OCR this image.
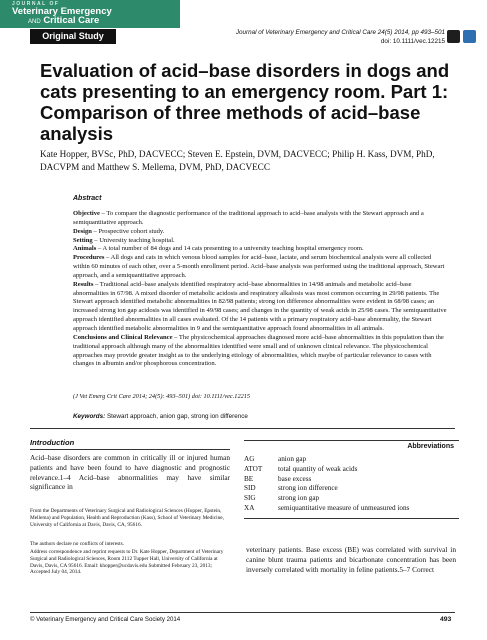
JOURNAL OF
Veterinary Emergency
AND Critical Care
Original Study	Journal of Veterinary Emergency and Critical Care 24(5) 2014, pp 493–501
doi: 10.1111/vec.12215
Evaluation of acid–base disorders in dogs and cats presenting to an emergency room. Part 1: Comparison of three methods of acid–base analysis
Kate Hopper, BVSc, PhD, DACVECC; Steven E. Epstein, DVM, DACVECC; Philip H. Kass, DVM, PhD, DACVPM and Matthew S. Mellema, DVM, PhD, DACVECC
Abstract

Objective – To compare the diagnostic performance of the traditional approach to acid–base analysis with the Stewart approach and a semiquantitative approach.

Design – Prospective cohort study.

Setting – University teaching hospital.

Animals – A total number of 84 dogs and 14 cats presenting to a university teaching hospital emergency room.

Procedures – All dogs and cats in which venous blood samples for acid–base, lactate, and serum biochemical analysis were all collected within 60 minutes of each other, over a 5-month enrollment period. Acid–base analysis was performed using the traditional approach, Stewart approach, and a semiquantitative approach.

Results – Traditional acid–base analysis identified respiratory acid–base abnormalities in 14/98 animals and metabolic acid–base abnormalities in 67/98. A mixed disorder of metabolic acidosis and respiratory alkalosis was most common occurring in 29/98 patients. The Stewart approach identified metabolic abnormalities in 82/98 patients; strong ion difference abnormalities were evident in 68/98 cases; an increased strong ion gap acidosis was identified in 49/98 cases; and changes in the quantity of weak acids in 25/98 cases. The semiquantitative approach identified abnormalities in all cases evaluated. Of the 14 patients with a primary respiratory acid–base abnormality, the Stewart approach identified metabolic abnormalities in 9 and the semiquantitative approach found abnormalities in all animals.

Conclusions and Clinical Relevance – The physicochemical approaches diagnosed more acid–base abnormalities in this population than the traditional approach although many of the abnormalities identified were small and of unknown clinical relevance. The physicochemical approaches may provide greater insight as to the underlying etiology of abnormalities, which maybe of particular relevance to cases with changes in albumin and/or phosphorous concentration.

(J Vet Emerg Crit Care 2014; 24(5): 493–501) doi: 10.1111/vec.12215
Keywords: Stewart approach, anion gap, strong ion difference
Introduction
Acid–base disorders are common in critically ill or injured human patients and have been found to have diagnostic and prognostic relevance.1–4 Acid–base abnormalities may have similar significance in
From the Departments of Veterinary Surgical and Radiological Sciences (Hopper, Epstein, Mellema) and Population, Health and Reproduction (Kass), School of Veterinary Medicine, University of California at Davis, Davis, CA, 95616.
The authors declare no conflicts of interests.
Address correspondence and reprint requests to Dr. Kate Hopper, Department of Veterinary Surgical and Radiological Sciences, Room 2112 Tupper Hall, University of California at Davis, Davis, CA 95616. Email: khopper@ucdavis.edu Submitted February 23, 2013; Accepted July 04, 2014.
© Veterinary Emergency and Critical Care Society 2014
Abbreviations
AG	anion gap
ATOT	total quantity of weak acids
BE	base excess
SID	strong ion difference
SIG	strong ion gap
XA	semiquantitative measure of unmeasured ions
veterinary patients. Base excess (BE) was correlated with survival in canine blunt trauma patients and bicarbonate concentration has been inversely correlated with mortality in feline patients.5–7 Correct
493
